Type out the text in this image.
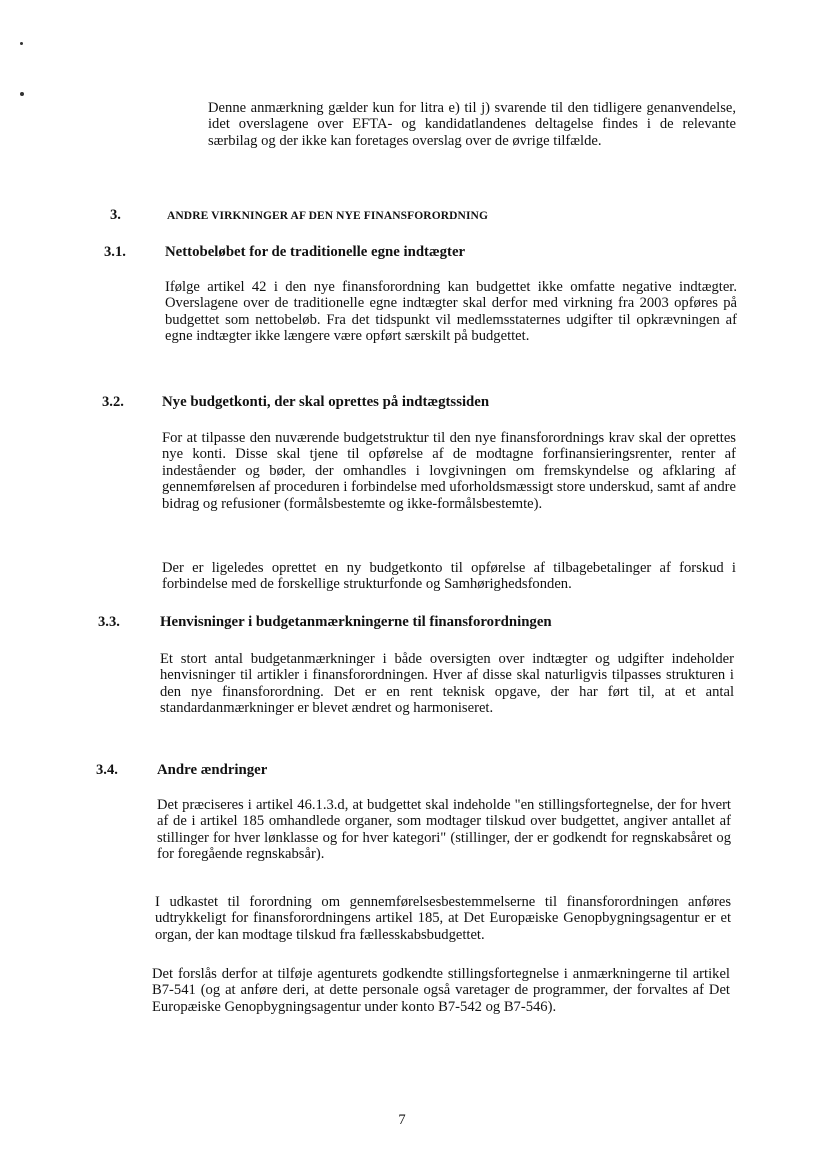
Denne anmærkning gælder kun for litra e) til j) svarende til den tidligere genanvendelse, idet overslagene over EFTA- og kandidatlandenes deltagelse findes i de relevante særbilag og der ikke kan foretages overslag over de øvrige tilfælde.

3.	ANDRE VIRKNINGER AF DEN NYE FINANSFORORDNING

3.1.	Nettobeløbet for de traditionelle egne indtægter

Ifølge artikel 42 i den nye finansforordning kan budgettet ikke omfatte negative indtægter. Overslagene over de traditionelle egne indtægter skal derfor med virkning fra 2003 opføres på budgettet som nettobeløb. Fra det tidspunkt vil medlemsstaternes udgifter til opkrævningen af egne indtægter ikke længere være opført særskilt på budgettet.

3.2.	Nye budgetkonti, der skal oprettes på indtægtssiden

For at tilpasse den nuværende budgetstruktur til den nye finansforordnings krav skal der oprettes nye konti. Disse skal tjene til opførelse af de modtagne forfinansieringsrenter, renter af indeståender og bøder, der omhandles i lovgivningen om fremskyndelse og afklaring af gennemførelsen af proceduren i forbindelse med uforholdsmæssigt store underskud, samt af andre bidrag og refusioner (formålsbestemte og ikke-formålsbestemte).

Der er ligeledes oprettet en ny budgetkonto til opførelse af tilbagebetalinger af forskud i forbindelse med de forskellige strukturfonde og Samhørighedsfonden.

3.3.	Henvisninger i budgetanmærkningerne til finansforordningen

Et stort antal budgetanmærkninger i både oversigten over indtægter og udgifter indeholder henvisninger til artikler i finansforordningen. Hver af disse skal naturligvis tilpasses strukturen i den nye finansforordning. Det er en rent teknisk opgave, der har ført til, at et antal standardanmærkninger er blevet ændret og harmoniseret.

3.4.	Andre ændringer

Det præciseres i artikel 46.1.3.d, at budgettet skal indeholde "en stillingsfortegnelse, der for hvert af de i artikel 185 omhandlede organer, som modtager tilskud over budgettet, angiver antallet af stillinger for hver lønklasse og for hver kategori" (stillinger, der er godkendt for regnskabsåret og for foregående regnskabsår).

I udkastet til forordning om gennemførelsesbestemmelserne til finansforordningen anføres udtrykkeligt for finansforordningens artikel 185, at Det Europæiske Genopbygningsagentur er et organ, der kan modtage tilskud fra fællesskabsbudgettet.

Det forslås derfor at tilføje agenturets godkendte stillingsfortegnelse i anmærkningerne til artikel B7-541 (og at anføre deri, at dette personale også varetager de programmer, der forvaltes af Det Europæiske Genopbygningsagentur under konto B7-542 og B7-546).

7
